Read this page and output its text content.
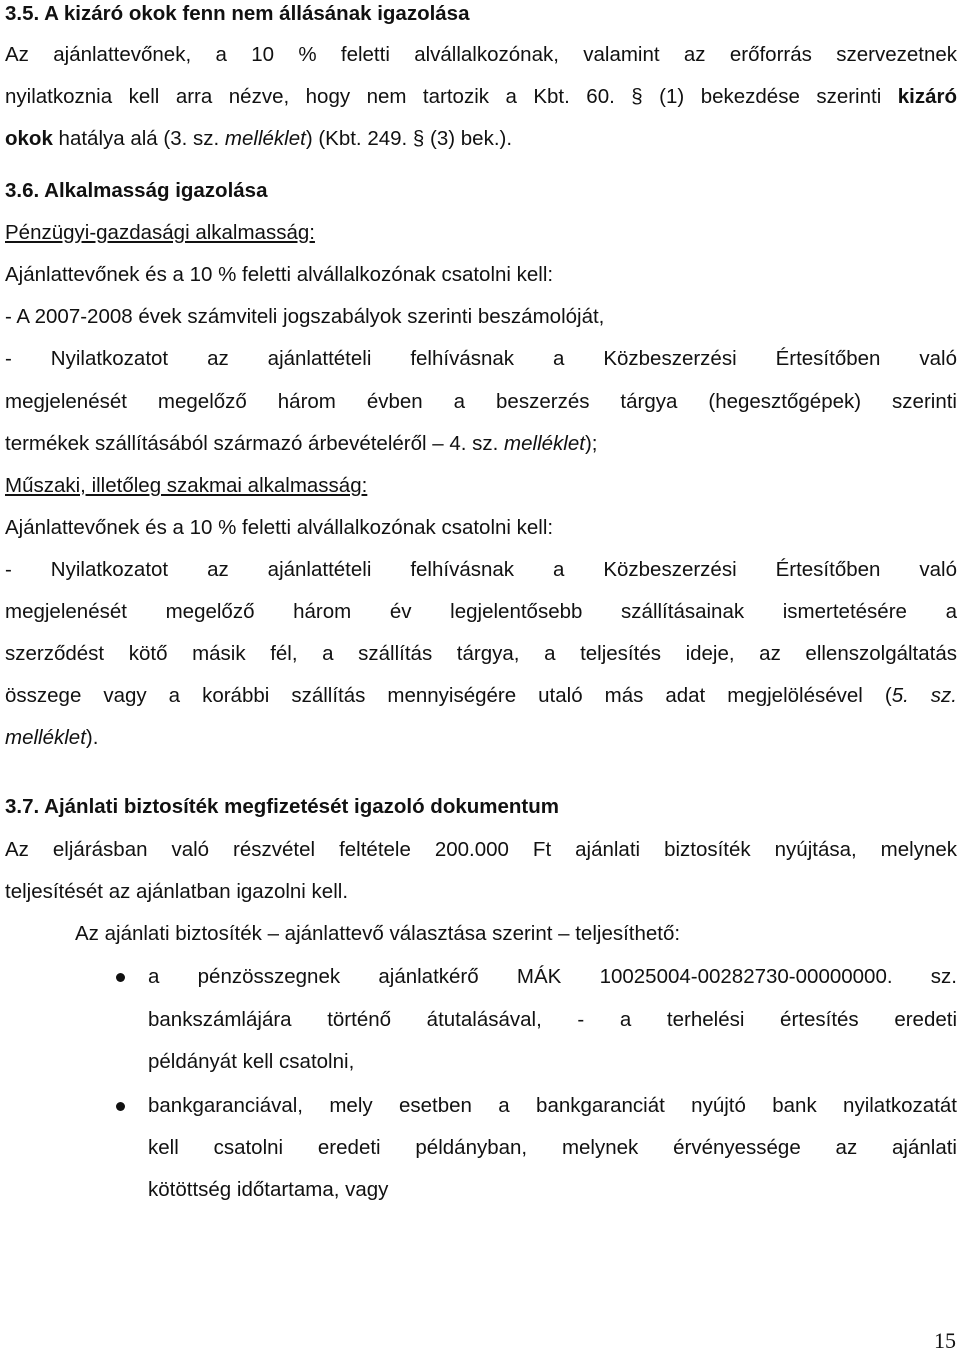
3.5. A kizáró okok fenn nem állásának igazolása
Az ajánlattevőnek, a 10 % feletti alvállalkozónak, valamint az erőforrás szervezetnek
nyilatkoznia kell arra nézve, hogy nem tartozik a Kbt. 60. § (1) bekezdése szerinti kizáró
okok hatálya alá (3. sz. melléklet) (Kbt. 249. § (3) bek.).
3.6. Alkalmasság igazolása
Pénzügyi-gazdasági alkalmasság:
Ajánlattevőnek és a 10 % feletti alvállalkozónak csatolni kell:
- A 2007-2008 évek számviteli jogszabályok szerinti beszámolóját,
- Nyilatkozatot az ajánlattételi felhívásnak a Közbeszerzési Értesítőben való
megjelenését megelőző három évben a beszerzés tárgya (hegesztőgépek) szerinti
termékek szállításából származó árbevételéről – 4. sz. melléklet);
Műszaki, illetőleg szakmai alkalmasság:
Ajánlattevőnek és a 10 % feletti alvállalkozónak csatolni kell:
- Nyilatkozatot az ajánlattételi felhívásnak a Közbeszerzési Értesítőben való
megjelenését megelőző három év legjelentősebb szállításainak ismertetésére a
szerződést kötő másik fél, a szállítás tárgya, a teljesítés ideje, az ellenszolgáltatás
összege vagy a korábbi szállítás mennyiségére utaló más adat megjelölésével (5. sz.
melléklet).
3.7. Ajánlati biztosíték megfizetését igazoló dokumentum
Az eljárásban való részvétel feltétele 200.000 Ft ajánlati biztosíték nyújtása, melynek
teljesítését az ajánlatban igazolni kell.
Az ajánlati biztosíték – ajánlattevő választása szerint – teljesíthető:
a pénzösszegnek ajánlatkérő MÁK 10025004-00282730-00000000. sz.
bankszámlájára történő átutalásával, - a terhelési értesítés eredeti
példányát kell csatolni,
bankgaranciával, mely esetben a bankgaranciát nyújtó bank nyilatkozatát
kell csatolni eredeti példányban, melynek érvényessége az ajánlati
kötöttség időtartama, vagy
15
